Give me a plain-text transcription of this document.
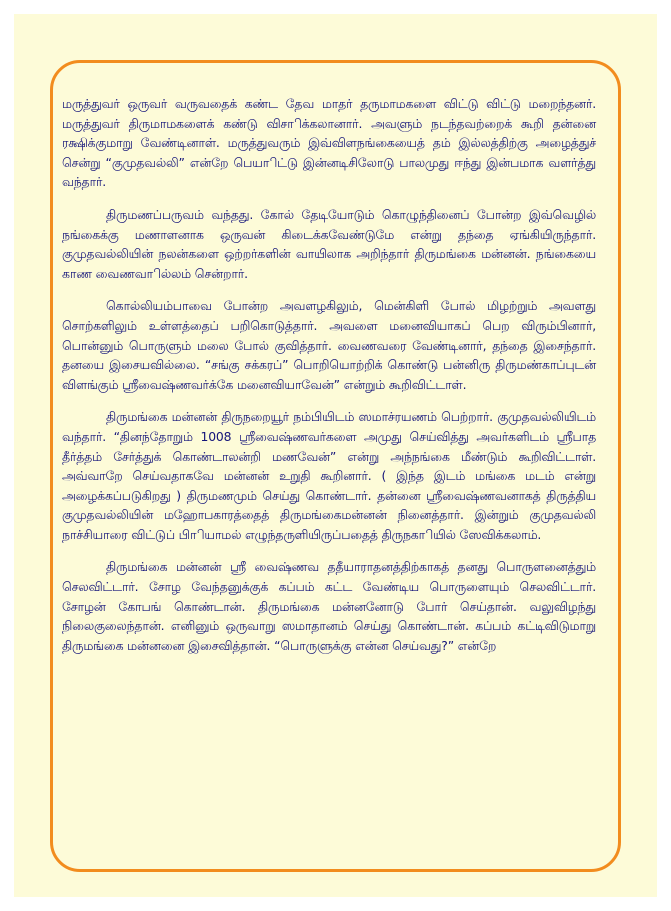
மருத்துவர் ஒருவர் வருவதைக் கண்ட தேவ மாதர் தருமாமகளை விட்டு விட்டு மறைந்தனர். மருத்துவர் திருமாமகளைக் கண்டு விசாிக்கலானார். அவளும் நடந்தவற்றைக் கூறி தன்னை ரக்ஷிக்குமாறு வேண்டினாள். மருத்துவரும் இவ்விளநங்கையைத் தம் இல்லத்திற்கு அழைத்துச் சென்று “குமுதவல்லி” என்றே பெயாிட்டு இன்னடிசிலோடு பாலமுது ஈந்து இன்பமாக வளர்த்து வந்தார்.

திருமணப்பருவம் வந்தது. கோல் தேடியோடும் கொழுந்தினைப் போன்ற இவ்வெழில் நங்கைக்கு மணாளனாக ஒருவன் கிடைக்கவேண்டுமே என்று தந்தை ஏங்கியிருந்தார். குமுதவல்லியின் நலன்களை ஒற்றர்களின் வாயிலாக அறிந்தார் திருமங்கை மன்னன். நங்கையை காண வைணவாில்லம் சென்றார்.

கொல்லியம்பாவை போன்ற அவளழகிலும், மென்கிளி போல் மிழற்றும் அவளது சொற்களிலும் உள்ளத்தைப் பறிகொடுத்தார். அவளை மனைவியாகப் பெற விரும்பினார், பொன்னும் பொருளும் மலை போல் குவித்தார். வைணவரை வேண்டினார், தந்தை இசைந்தார். தனயை இசையவில்லை. “சங்கு சக்கரப்” பொறியொற்றிக் கொண்டு பன்னிரு திருமண்காப்புடன் விளங்கும் ஸ்ரீவைஷ்ணவர்க்கே மனைவியாவேன்” என்றும் கூறிவிட்டாள்.

திருமங்கை மன்னன் திருநறையூர் நம்பியிடம் ஸமாச்ரயணம் பெற்றார். குமுதவல்லியிடம் வந்தார். “தினந்தோறும் 1008 ஸ்ரீவைஷ்ணவர்களை அமுது செய்வித்து அவர்களிடம் ஸ்ரீபாத தீர்த்தம் சேர்த்துக் கொண்டாலன்றி மணவேன்” என்று அந்நங்கை மீண்டும் கூறிவிட்டாள். அவ்வாறே செய்வதாகவே மன்னன் உறுதி கூறினார். ( இந்த இடம் மங்கை மடம் என்று அழைக்கப்படுகிறது ) திருமணமும் செய்து கொண்டார். தன்னை ஸ்ரீவைஷ்ணவனாகத் திருத்திய குமுதவல்லியின் மஹோபகாரத்தைத் திருமங்கைமன்னன் நினைத்தார். இன்றும் குமுதவல்லி நாச்சியாரை விட்டுப் பிாியாமல் எழுந்தருளியிருப்பதைத் திருநகாியில் ஸேவிக்கலாம்.

திருமங்கை மன்னன் ஸ்ரீ வைஷ்ணவ ததீயாராதனத்திற்காகத் தனது பொருளனைத்தும் செலவிட்டார். சோழ வேந்தனுக்குக் கப்பம் கட்ட வேண்டிய பொருளையும் செலவிட்டார். சோழன் கோபங் கொண்டான். திருமங்கை மன்னனோடு போர் செய்தான். வலுவிழந்து நிலைகுலைந்தான். எனினும் ஒருவாறு ஸமாதானம் செய்து கொண்டான். கப்பம் கட்டிவிடுமாறு திருமங்கை மன்னனை இசைவித்தான். “பொருளுக்கு என்ன செய்வது?” என்றே
